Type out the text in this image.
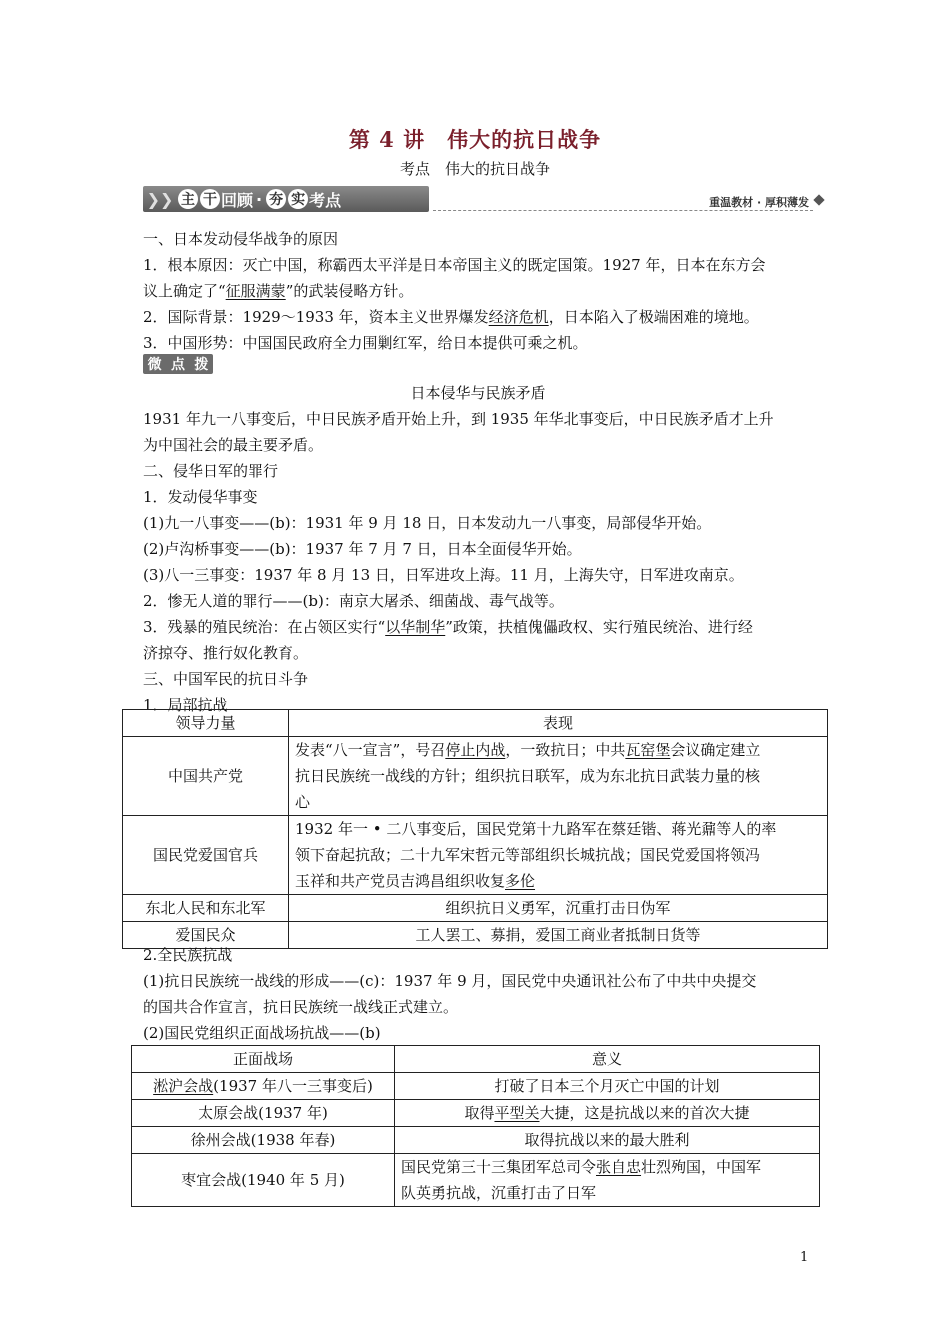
第 4 讲　伟大的抗日战争
考点　伟大的抗日战争
❯❯ 主 干 回顾 · 夯 实 考点	重温教材 · 厚积薄发
一、日本发动侵华战争的原因
1．根本原因：灭亡中国，称霸西太平洋是日本帝国主义的既定国策。1927 年，日本在东方会
议上确定了“征服满蒙”的武装侵略方针。
2．国际背景：1929～1933 年，资本主义世界爆发经济危机，日本陷入了极端困难的境地。
3．中国形势：中国国民政府全力围剿红军，给日本提供可乘之机。
微 点 拨
日本侵华与民族矛盾
1931 年九一八事变后，中日民族矛盾开始上升，到 1935 年华北事变后，中日民族矛盾才上升
为中国社会的最主要矛盾。
二、侵华日军的罪行
1．发动侵华事变
(1)九一八事变——(b)：1931 年 9 月 18 日，日本发动九一八事变，局部侵华开始。
(2)卢沟桥事变——(b)：1937 年 7 月 7 日，日本全面侵华开始。
(3)八一三事变：1937 年 8 月 13 日，日军进攻上海。11 月，上海失守，日军进攻南京。
2．惨无人道的罪行——(b)：南京大屠杀、细菌战、毒气战等。
3．残暴的殖民统治：在占领区实行“以华制华”政策，扶植傀儡政权、实行殖民统治、进行经
济掠夺、推行奴化教育。
三、中国军民的抗日斗争
1．局部抗战
领导力量	表现
中国共产党	发表“八一宣言”，号召停止内战，一致抗日；中共瓦窑堡会议确定建立
抗日民族统一战线的方针；组织抗日联军，成为东北抗日武装力量的核
心

国民党爱国官兵	1932 年一 • 二八事变后，国民党第十九路军在蔡廷锴、蒋光鼐等人的率
领下奋起抗敌；二十九军宋哲元等部组织长城抗战；国民党爱国将领冯
玉祥和共产党员吉鸿昌组织收复多伦

东北人民和东北军	组织抗日义勇军，沉重打击日伪军
爱国民众	工人罢工、募捐，爱国工商业者抵制日货等
2.全民族抗战
(1)抗日民族统一战线的形成——(c)：1937 年 9 月，国民党中央通讯社公布了中共中央提交
的国共合作宣言，抗日民族统一战线正式建立。
(2)国民党组织正面战场抗战——(b)
正面战场	意义
淞沪会战(1937 年八一三事变后)	打破了日本三个月灭亡中国的计划
太原会战(1937 年)	取得平型关大捷，这是抗战以来的首次大捷
徐州会战(1938 年春)	取得抗战以来的最大胜利
枣宜会战(1940 年 5 月)	国民党第三十三集团军总司令张自忠壮烈殉国，中国军
队英勇抗战，沉重打击了日军
1
